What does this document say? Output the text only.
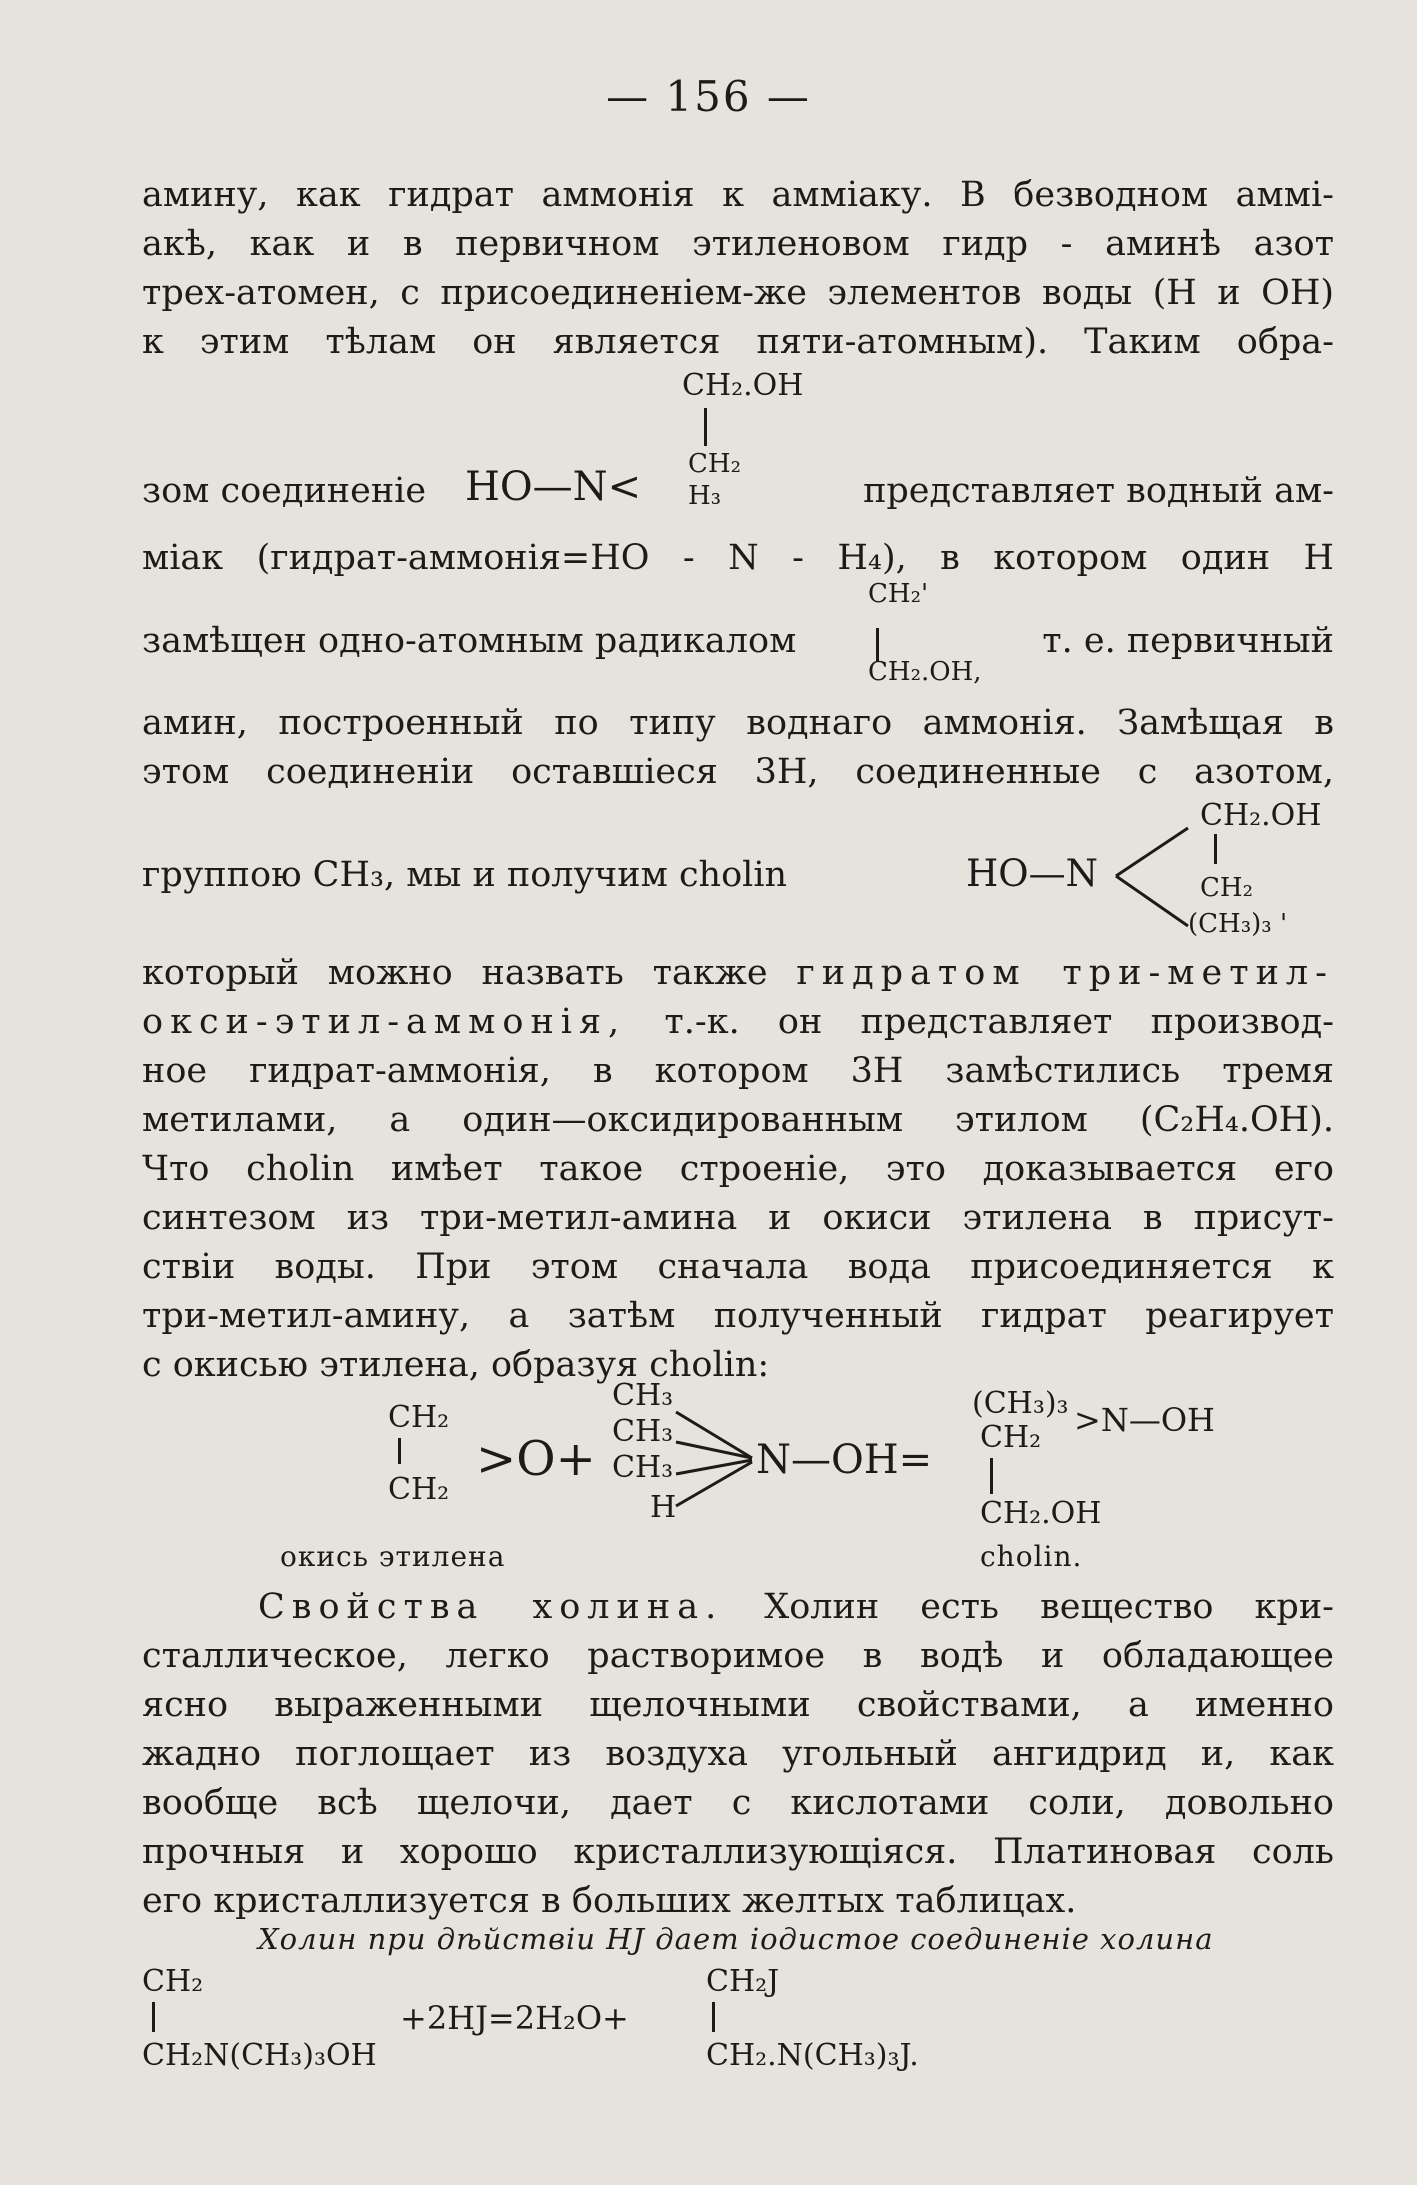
— 156 —
амину, как гидрат аммонія к аммiаку. В безводном аммi-
акѣ, как и в первичном этиленовом гидр - аминѣ азот
трех-атомен, с присоединеніем-же элементов воды (Н и ОН)
к этим тѣлам он является пяти-атомным). Таким обра-
CH₂.OH
зом соединеніе HO—N< CH₂
H₃	представляет водный ам-
міак (гидрат-аммонія=HO - N - H₄), в котором один Н
CH₂'
замѣщен одно-атомным радикалом	т. е. первичный
CH₂.OH,
амин, построенный по типу воднаго аммонія. Замѣщая в
этом соединеніи оставшіеся 3Н, соединенные с азотом,
CH₂.OH
группою CH₃, мы и получим cholin	HO—N	CH₂
(CH₃)₃ '
который можно назвать также гидратом три-метил-
окси-этил-аммонія, т.-к. он представляет производ-
ное гидрат-аммонія, в котором 3Н замѣстились тремя
метилами, а один—оксидированным этилом (C₂H₄.OH).
Что cholin имѣет такое строеніе, это доказывается его
синтезом из три-метил-амина и окиси этилена в присут-
ствіи воды. При этом сначала вода присоединяется к
три-метил-амину, а затѣм полученный гидрат реагирует
с окисью этилена, образуя cholin:
CH₂
CH₂
>O+
CH₃
CH₃
CH₃
H
N—OH=
(CH₃)₃ >N—OH
CH₂
CH₂.OH
окись этилена	cholin.
Свойства холина. Холин есть вещество кри-
сталлическое, легко растворимое в водѣ и обладающее
ясно выраженными щелочными свойствами, а именно
жадно поглощает из воздуха угольный ангидрид и, как
вообще всѣ щелочи, дает с кислотами соли, довольно
прочныя и хорошо кристаллизующіяся. Платиновая соль
его кристаллизуется в больших желтых таблицах.
Холин при дѣйствіи HJ дает іодистое соединеніе холина
CH₂
CH₂N(CH₃)₃OH
+2HJ=2H₂O+
CH₂J
CH₂.N(CH₃)₃J.
